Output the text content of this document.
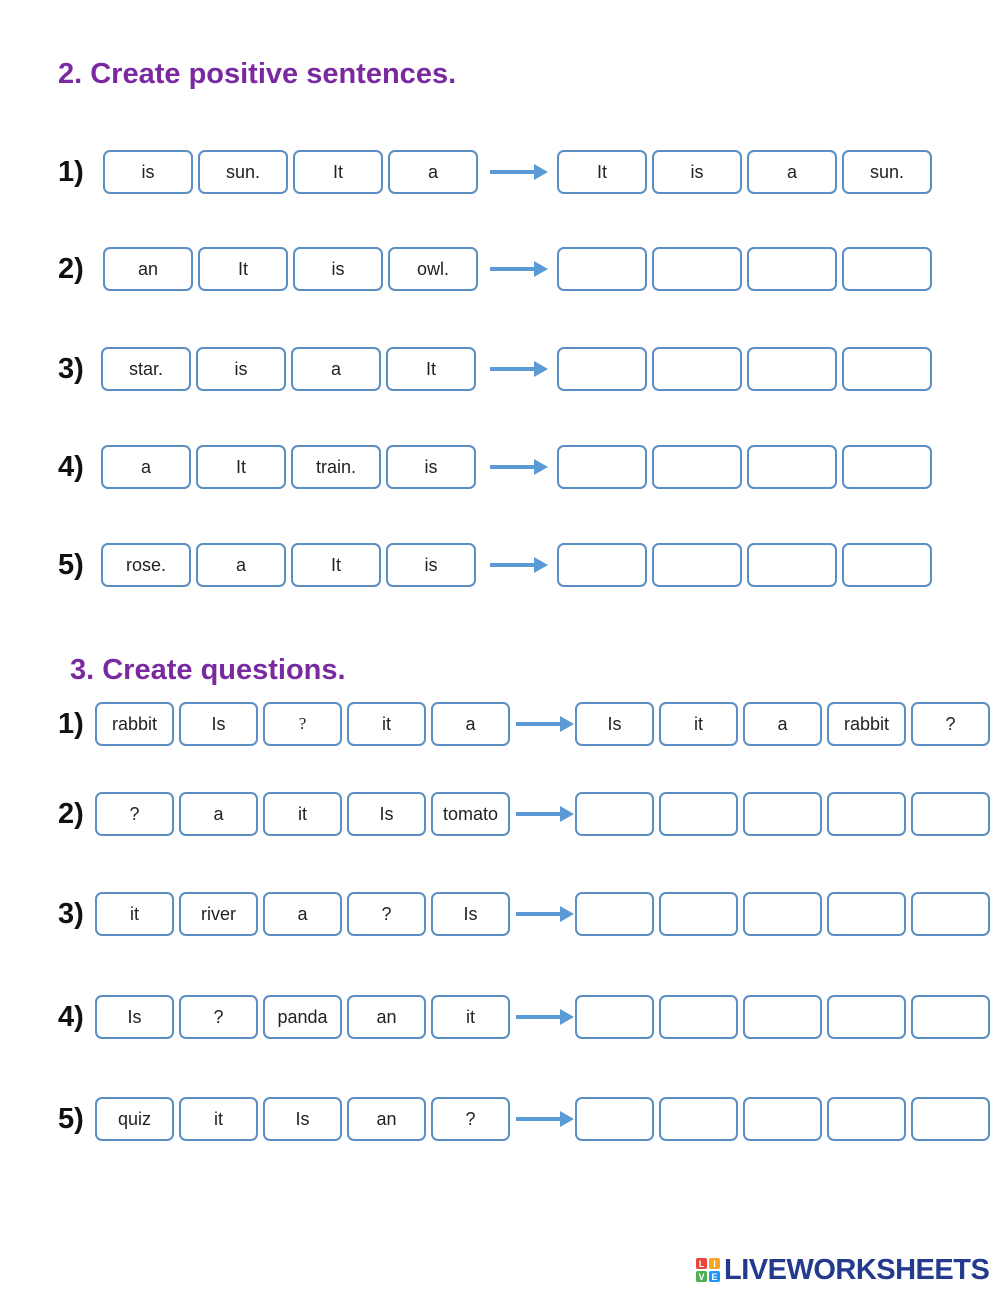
2. Create positive sentences.
3. Create questions.
1)	is	sun.	It	a	It	is	a	sun.
2)	an	It	is	owl.
3)	star.	is	a	It
4)	a	It	train.	is
5)	rose.	a	It	is
1)	rabbit	Is	?	it	a	Is	it	a	rabbit	?
2)	?	a	it	Is	tomato
3)	it	river	a	?	Is
4)	Is	?	panda	an	it
5)	quiz	it	Is	an	?
L I
V E LIVEWORKSHEETS
